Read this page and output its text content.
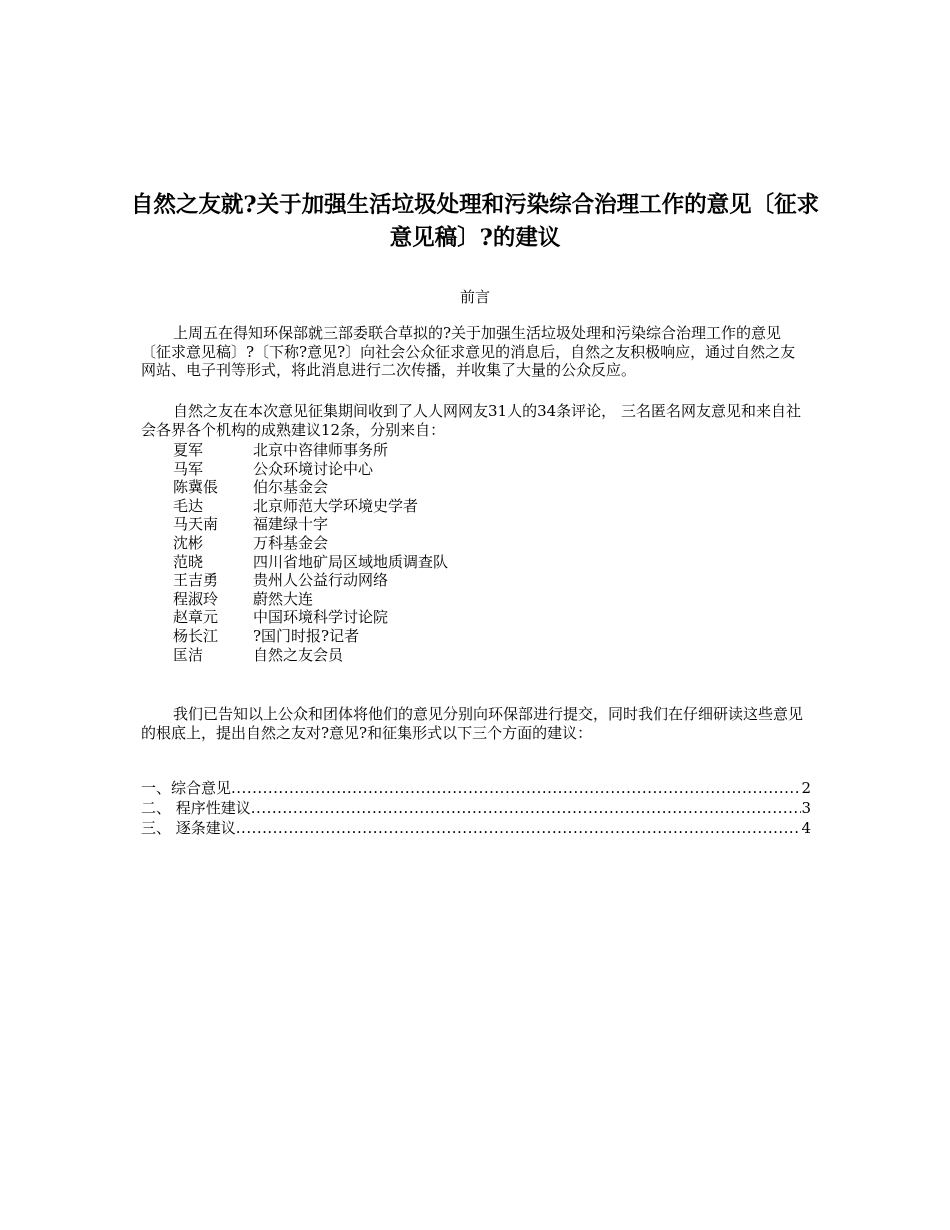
自然之友就?关于加强生活垃圾处理和污染综合治理工作的意见〔征求意见稿〕?的建议
前言

上周五在得知环保部就三部委联合草拟的?关于加强生活垃圾处理和污染综合治理工作的意见〔征求意见稿〕?〔下称?意见?〕向社会公众征求意见的消息后，自然之友积极响应，通过自然之友网站、电子刊等形式，将此消息进行二次传播，并收集了大量的公众反应。

自然之友在本次意见征集期间收到了人人网网友31人的34条评论， 三名匿名网友意见和来自社会各界各个机构的成熟建议12条，分别来自：

夏军	北京中咨律师事务所
马军	公众环境讨论中心
陈冀倀	伯尔基金会
毛达	北京师范大学环境史学者
马天南	福建绿十字
沈彬	万科基金会
范晓	四川省地矿局区域地质调查队
王吉勇	贵州人公益行动网络
程淑玲	蔚然大连
赵章元	中国环境科学讨论院
杨长江	?国门时报?记者
匡洁	自然之友会员

我们已告知以上公众和团体将他们的意见分别向环保部进行提交，同时我们在仔细研读这些意见的根底上，提出自然之友对?意见?和征集形式以下三个方面的建议：

一、综合意见 .....	2
二、 程序性建议 .....	3
三、 逐条建议 .....	4
